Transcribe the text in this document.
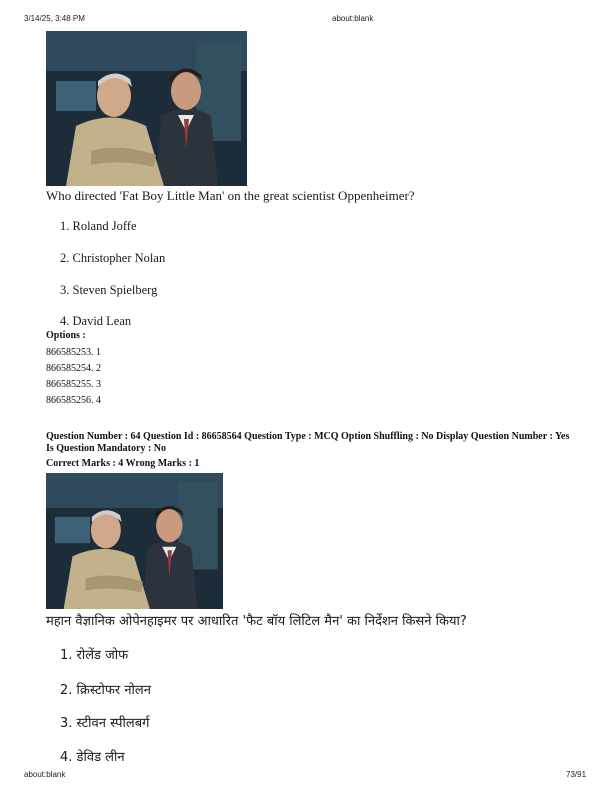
3/14/25, 3:48 PM	about:blank
Who directed 'Fat Boy Little Man' on the great scientist Oppenheimer?
1. Roland Joffe
2. Christopher Nolan
3. Steven Spielberg
4. David Lean
Options :
866585253. 1
866585254. 2
866585255. 3
866585256. 4
Question Number : 64 Question Id : 86658564 Question Type : MCQ Option Shuffling : No Display Question Number : Yes Is Question Mandatory : No
Correct Marks : 4 Wrong Marks : 1
महान वैज्ञानिक ओपेनहाइमर पर आधारित 'फैट बॉय लिटिल मैन' का निर्देशन किसने किया?
1. रोलेंड जोफ
2. क्रिस्टोफर नोलन
3. स्टीवन स्पीलबर्ग
4. डेविड लीन
about:blank	73/91
